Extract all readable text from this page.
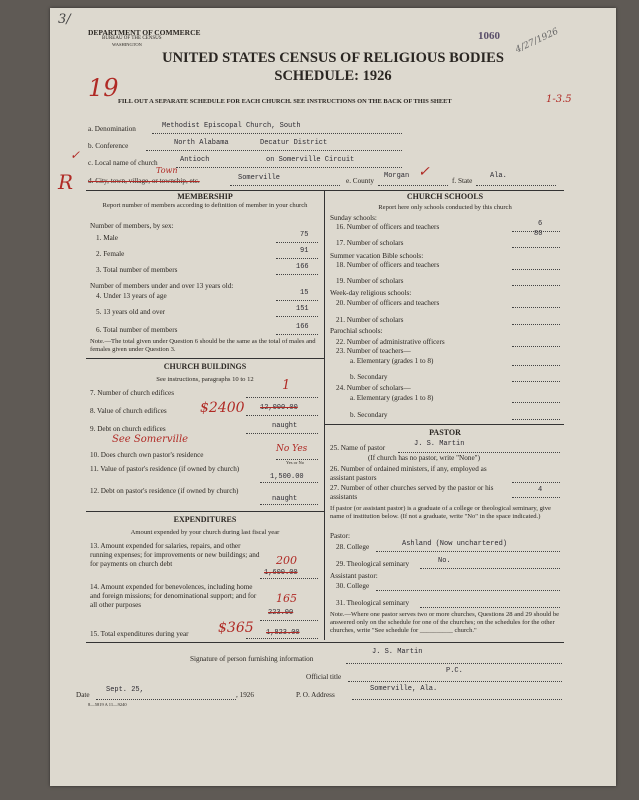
3/
DEPARTMENT OF COMMERCE
BUREAU OF THE CENSUS
WASHINGTON
1060 4/27/1926
UNITED STATES CENSUS OF RELIGIOUS BODIES
SCHEDULE: 1926
19 FILL OUT A SEPARATE SCHEDULE FOR EACH CHURCH. SEE INSTRUCTIONS ON THE BACK OF THIS SHEET	1-3.5
a. Denomination	Methodist Episcopal Church, South
b. Conference	North Alabama	Decatur District
✓
c. Local name of church	Antioch	on Somerville Circuit
R	Town
d. City, town, village, or township, etc.	Somerville	e. County
Morgan ✓
f. State
Ala.
MEMBERSHIP
Report number of members according to definition of member in your church
Number of members, by sex:
1. Male	75
2. Female	91
3. Total number of members	166
Number of members under and over 13 years old:
4. Under 13 years of age	15
5. 13 years old and over	151
6. Total number of members	166
Note.—The total given under Question 6 should be the same as the total of males and females given under Question 3.
CHURCH BUILDINGS
See instructions, paragraphs 10 to 12
7. Number of church edifices	1
8. Value of church edifices $2400 12,000.00
9. Debt on church edifices	naught
See Somerville
10. Does church own pastor's residence
No Yes
Yes or No
11. Value of pastor's residence (if owned by church)
1,500.00
12. Debt on pastor's residence (if owned by church)
naught
EXPENDITURES
Amount expended by your church during last fiscal year
13. Amount expended for salaries, repairs, and other running expenses; for improvements or new buildings; and for payments on church debt	200
1,600.00
14. Amount expended for benevolences, including home and foreign missions; for denominational support; and for all other purposes	165
223.00
15. Total expenditures during year $365 1,823.00
CHURCH SCHOOLS
Report here only schools conducted by this church
Sunday schools:
16. Number of officers and teachers	6
17. Number of scholars
80
Summer vacation Bible schools:
18. Number of officers and teachers
19. Number of scholars
Week-day religious schools:
20. Number of officers and teachers
21. Number of scholars
Parochial schools:
22. Number of administrative officers
23. Number of teachers—
a. Elementary (grades 1 to 8)
b. Secondary
24. Number of scholars—
a. Elementary (grades 1 to 8)
b. Secondary
PASTOR
25. Name of pastor	J. S. Martin
(If church has no pastor, write "None")
26. Number of ordained ministers, if any, employed as assistant pastors
27. Number of other churches served by the pastor or his assistants
4
If pastor (or assistant pastor) is a graduate of a college or theological seminary, give name of institution below. (If not a graduate, write "No" in the space indicated.)
Pastor:
28. College	Ashland (Now unchartered)
29. Theological seminary	No.
Assistant pastor:
30. College
31. Theological seminary
Note.—Where one pastor serves two or more churches, Questions 28 and 29 should be answered only on the schedule for one of the churches; on the schedules for the other churches, write "See schedule for __________ church."
Signature of person furnishing information
J. S. Martin
Official title
P.C.
Date
Sept. 25,
, 1926	P. O. Address
Somerville, Ala.
8—5819 A 11—9240
